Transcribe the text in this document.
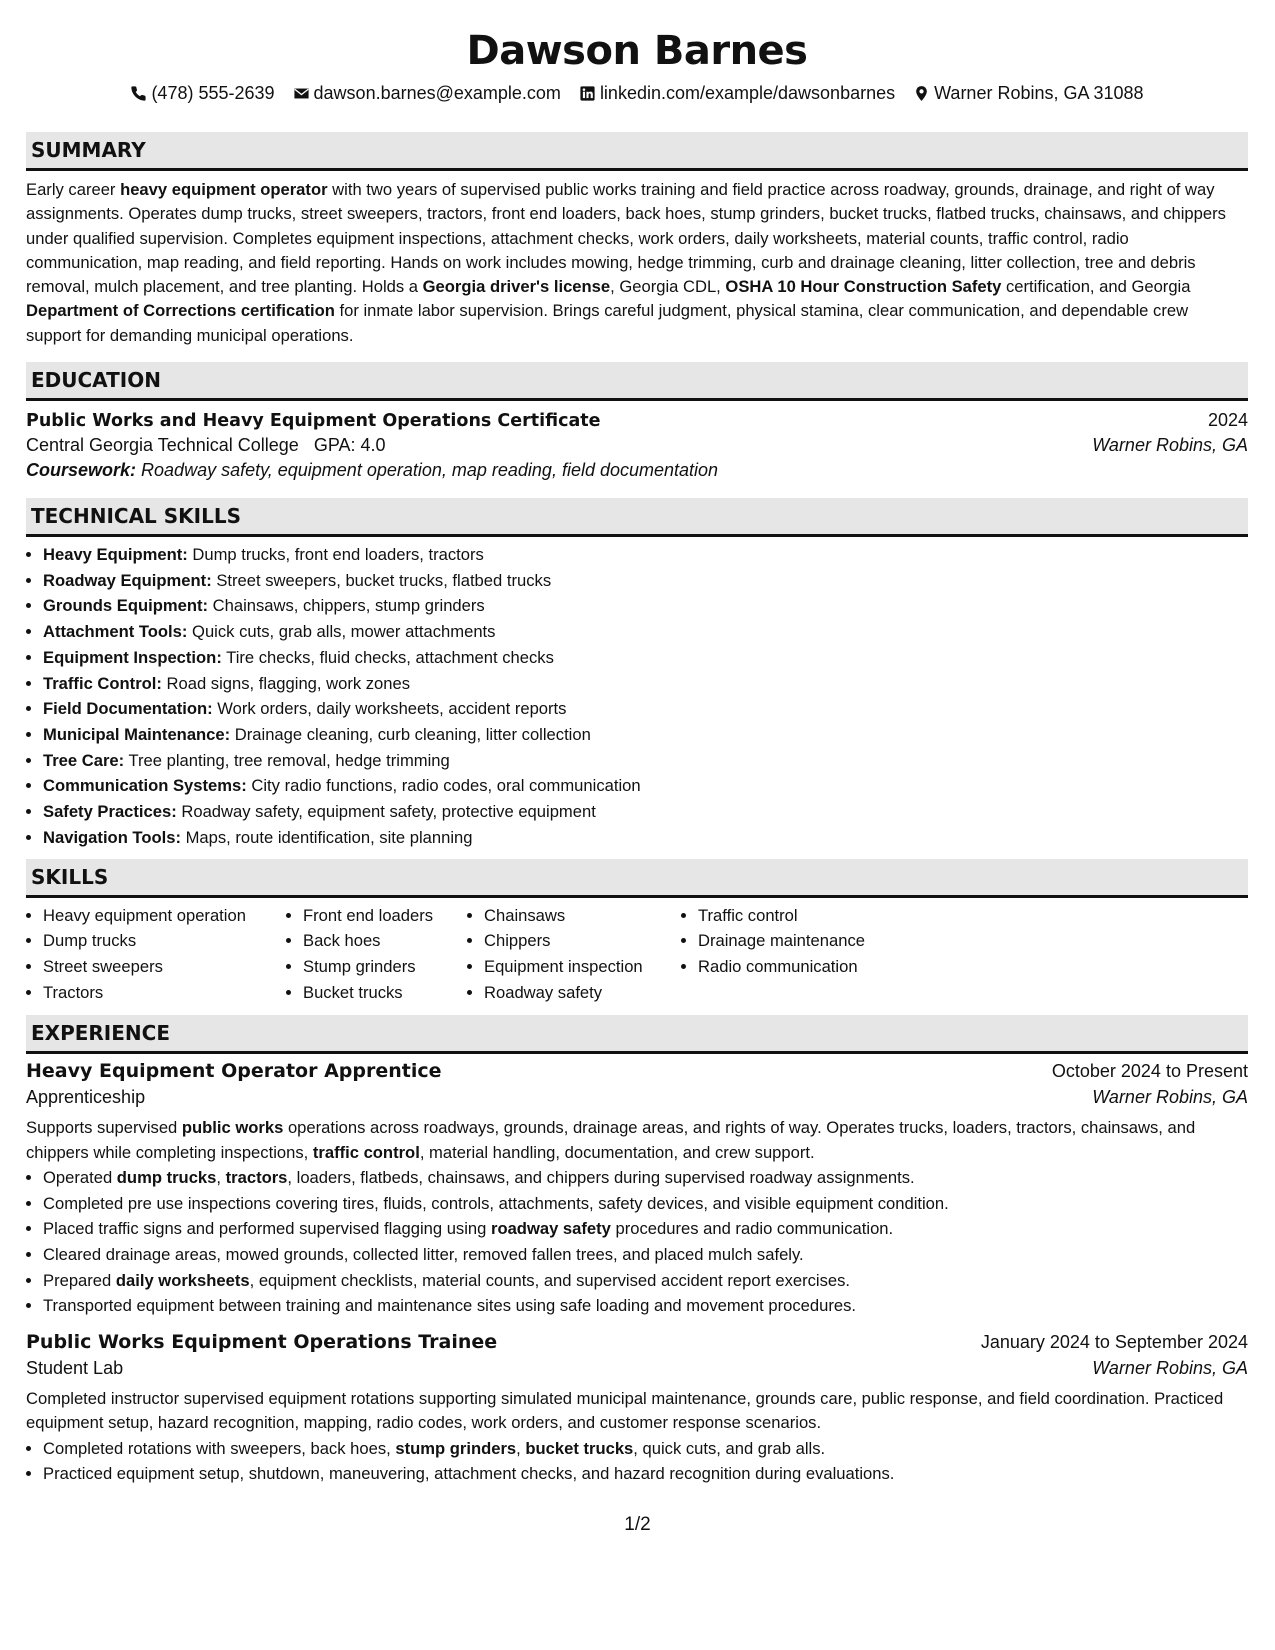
Dawson Barnes
(478) 555-2639 dawson.barnes@example.com linkedin.com/example/dawsonbarnes Warner Robins, GA 31088
SUMMARY

Early career heavy equipment operator with two years of supervised public works training and field practice across roadway, grounds, drainage, and right of way assignments. Operates dump trucks, street sweepers, tractors, front end loaders, back hoes, stump grinders, bucket trucks, flatbed trucks, chainsaws, and chippers under qualified supervision. Completes equipment inspections, attachment checks, work orders, daily worksheets, material counts, traffic control, radio communication, map reading, and field reporting. Hands on work includes mowing, hedge trimming, curb and drainage cleaning, litter collection, tree and debris removal, mulch placement, and tree planting. Holds a Georgia driver's license, Georgia CDL, OSHA 10 Hour Construction Safety certification, and Georgia Department of Corrections certification for inmate labor supervision. Brings careful judgment, physical stamina, clear communication, and dependable crew support for demanding municipal operations.

EDUCATION
Public Works and Heavy Equipment Operations Certificate	2024
Central Georgia Technical College GPA: 4.0	Warner Robins, GA
Coursework: Roadway safety, equipment operation, map reading, field documentation
TECHNICAL SKILLS
• Heavy Equipment: Dump trucks, front end loaders, tractors
• Roadway Equipment: Street sweepers, bucket trucks, flatbed trucks
• Grounds Equipment: Chainsaws, chippers, stump grinders
• Attachment Tools: Quick cuts, grab alls, mower attachments
• Equipment Inspection: Tire checks, fluid checks, attachment checks
• Traffic Control: Road signs, flagging, work zones
• Field Documentation: Work orders, daily worksheets, accident reports
• Municipal Maintenance: Drainage cleaning, curb cleaning, litter collection
• Tree Care: Tree planting, tree removal, hedge trimming
• Communication Systems: City radio functions, radio codes, oral communication
• Safety Practices: Roadway safety, equipment safety, protective equipment
• Navigation Tools: Maps, route identification, site planning
SKILLS
• Heavy equipment operation
• Dump trucks
• Street sweepers
• Tractors
• Front end loaders
• Back hoes
• Stump grinders
• Bucket trucks
• Chainsaws
• Chippers
• Equipment inspection
• Roadway safety
• Traffic control
• Drainage maintenance
• Radio communication
EXPERIENCE
Heavy Equipment Operator Apprentice	October 2024 to Present
Apprenticeship	Warner Robins, GA

Supports supervised public works operations across roadways, grounds, drainage areas, and rights of way. Operates trucks, loaders, tractors, chainsaws, and chippers while completing inspections, traffic control, material handling, documentation, and crew support.

• Operated dump trucks, tractors, loaders, flatbeds, chainsaws, and chippers during supervised roadway assignments.
• Completed pre use inspections covering tires, fluids, controls, attachments, safety devices, and visible equipment condition.
• Placed traffic signs and performed supervised flagging using roadway safety procedures and radio communication.
• Cleared drainage areas, mowed grounds, collected litter, removed fallen trees, and placed mulch safely.
• Prepared daily worksheets, equipment checklists, material counts, and supervised accident report exercises.
• Transported equipment between training and maintenance sites using safe loading and movement procedures.
Public Works Equipment Operations Trainee	January 2024 to September 2024
Student Lab	Warner Robins, GA

Completed instructor supervised equipment rotations supporting simulated municipal maintenance, grounds care, public response, and field coordination. Practiced equipment setup, hazard recognition, mapping, radio codes, work orders, and customer response scenarios.

• Completed rotations with sweepers, back hoes, stump grinders, bucket trucks, quick cuts, and grab alls.
• Practiced equipment setup, shutdown, maneuvering, attachment checks, and hazard recognition during evaluations.
1/2
